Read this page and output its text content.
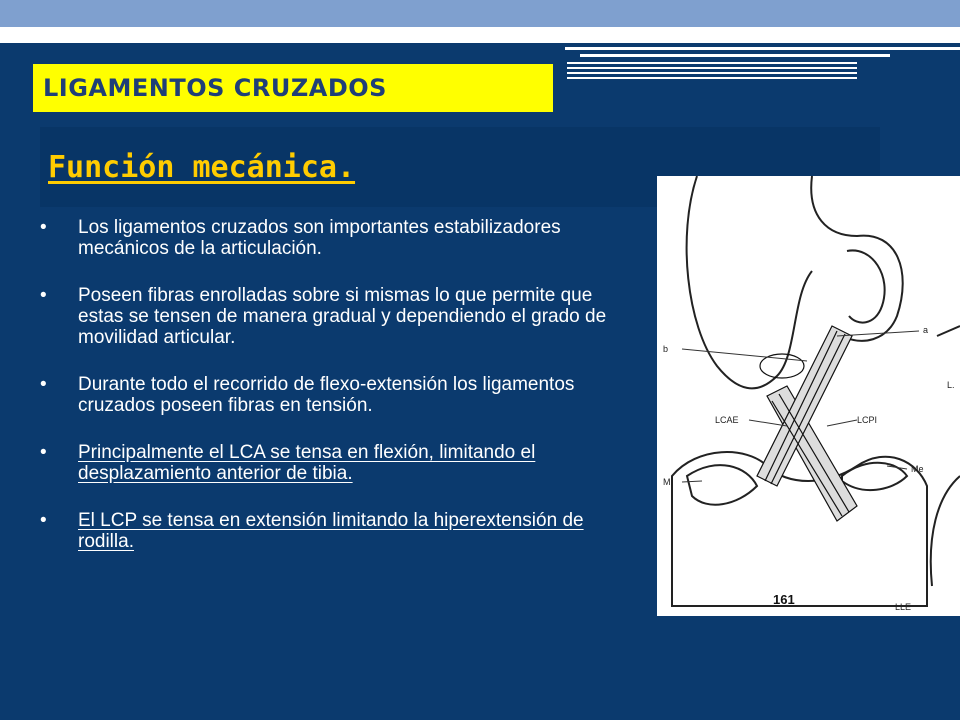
LIGAMENTOS CRUZADOS
Función mecánica.
• Los ligamentos cruzados son importantes estabilizadores mecánicos de la articulación.
• Poseen fibras enrolladas sobre si mismas lo que permite que estas se tensen de manera gradual y dependiendo el grado de movilidad articular.
• Durante todo el recorrido de flexo-extensión los ligamentos cruzados poseen fibras en tensión.
• Principalmente el LCA se tensa en flexión, limitando el desplazamiento anterior de tibia.
• El LCP se tensa en extensión limitando la hiperextensión de rodilla.
a
b
L.
LCAE	LCPI
Mi
Me
161	LLE
